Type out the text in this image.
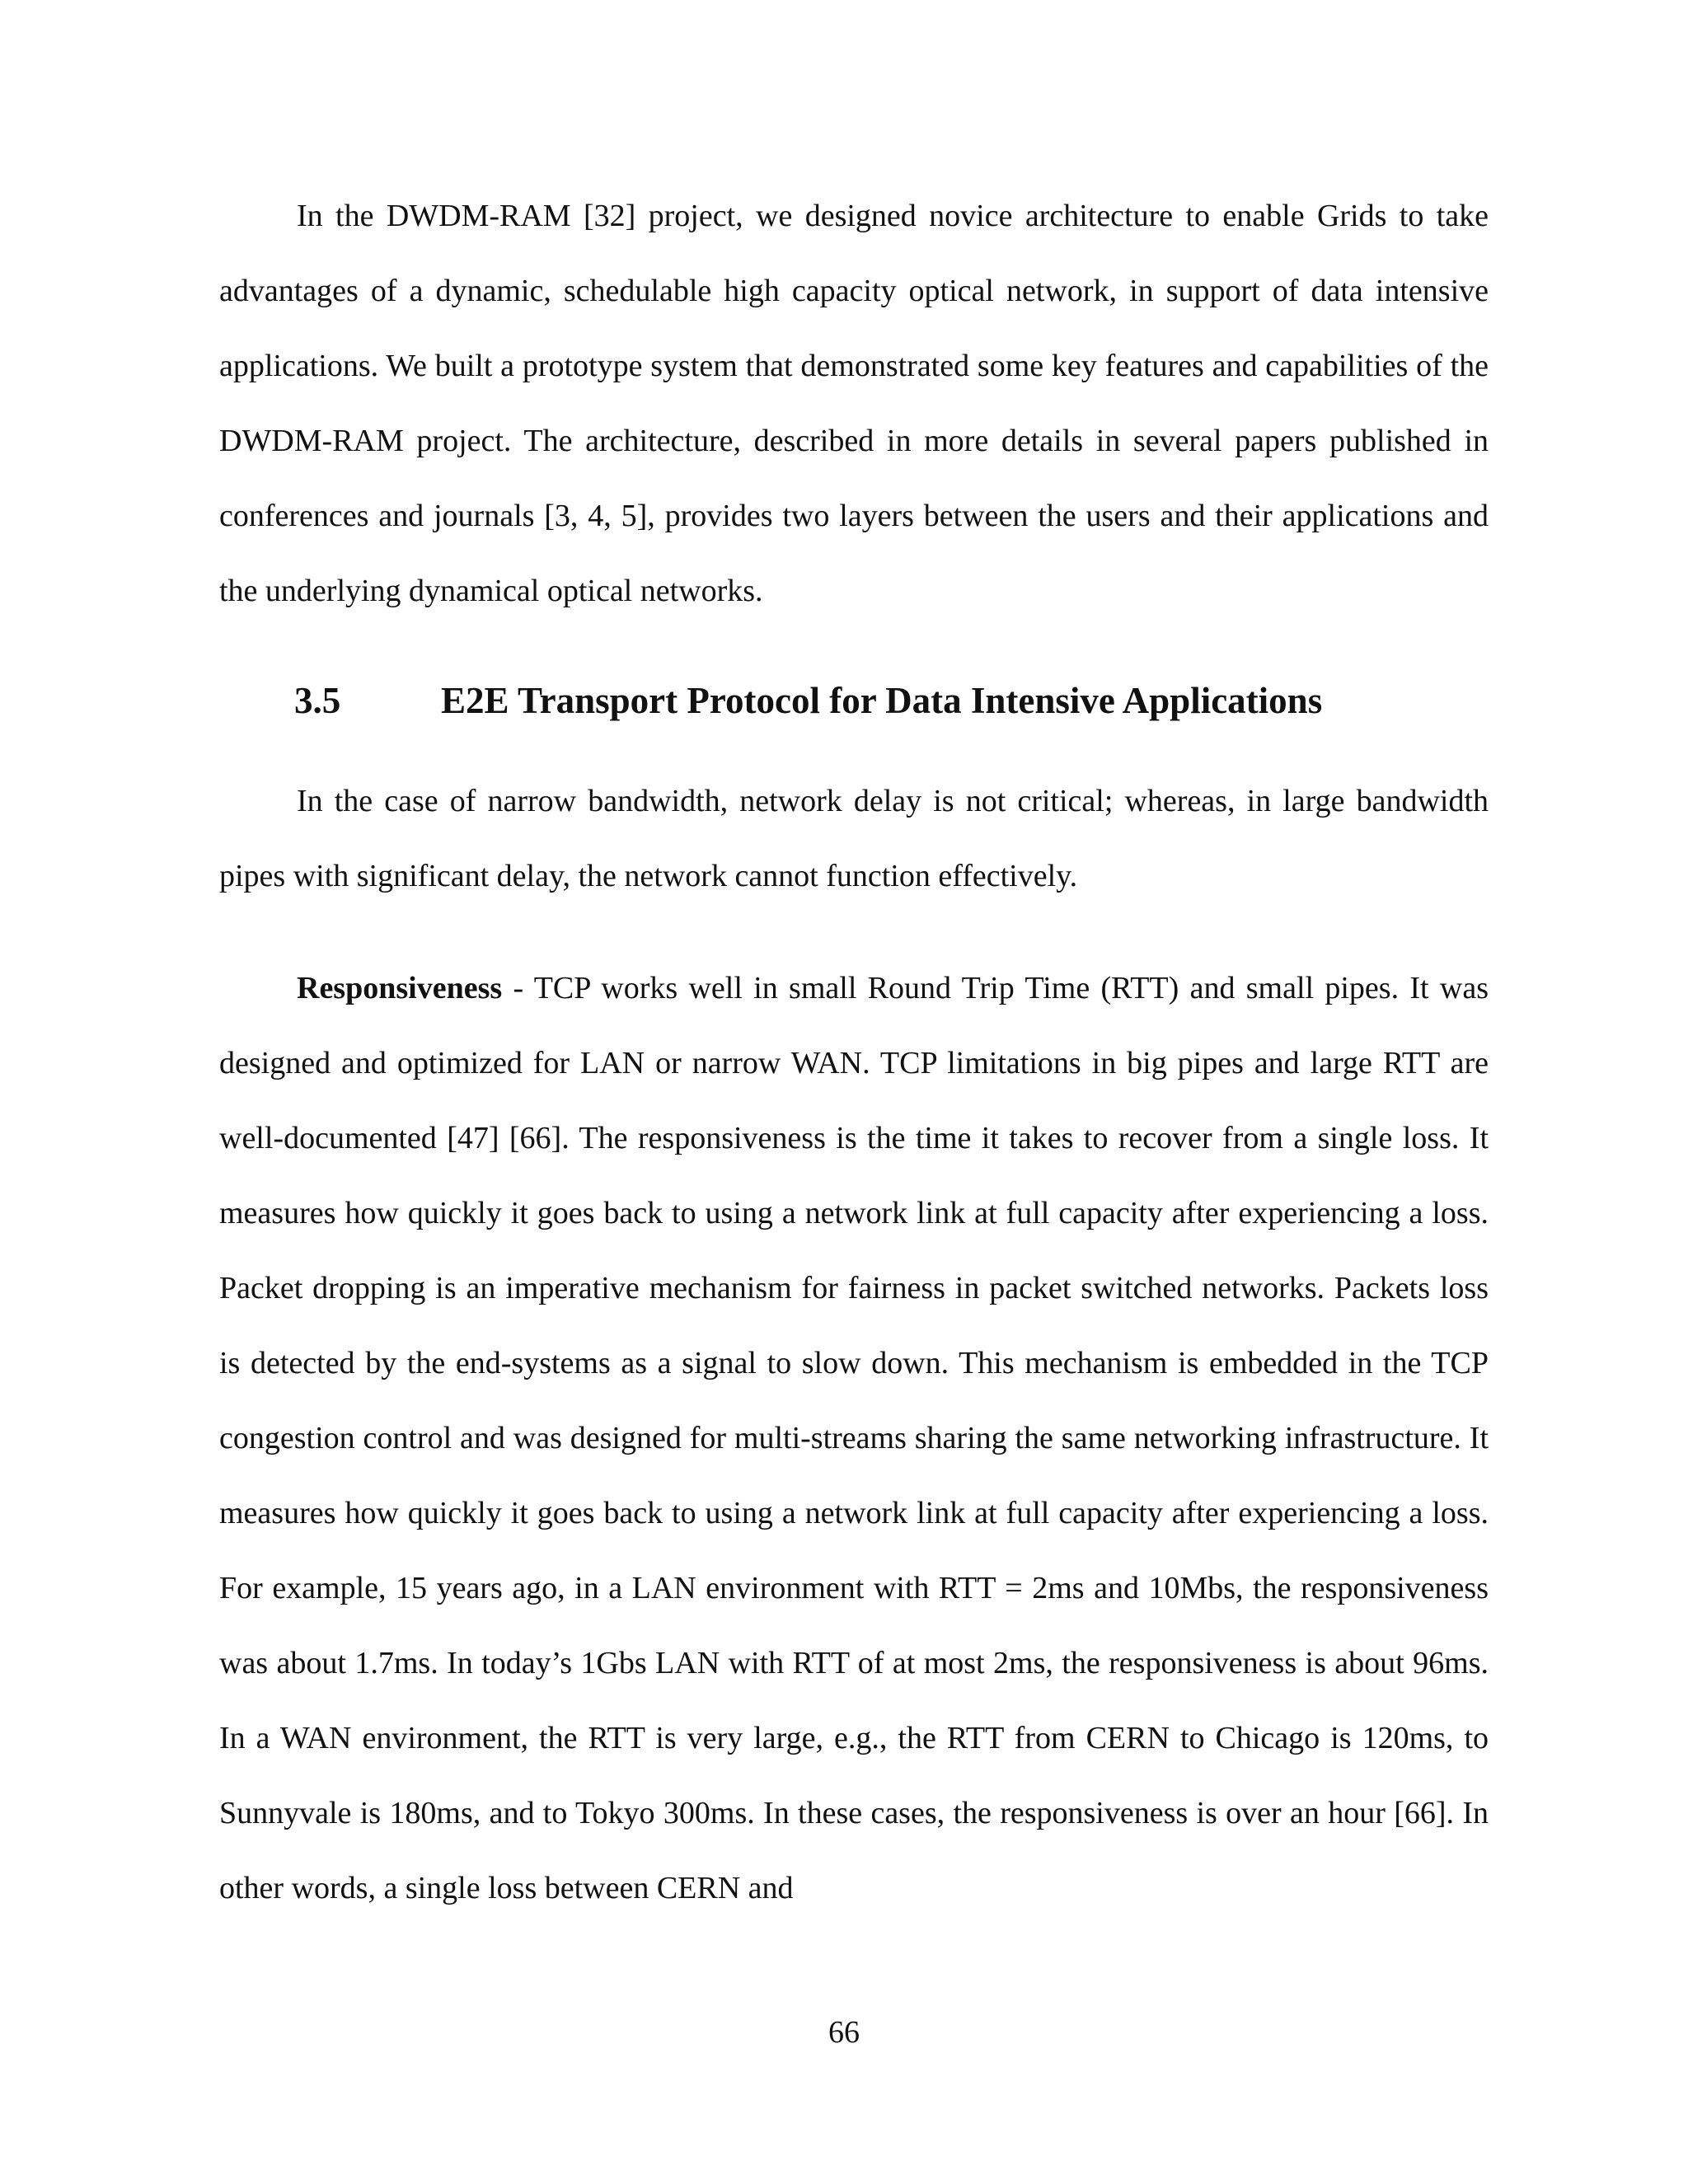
In the DWDM-RAM [32] project, we designed novice architecture to enable Grids to take advantages of a dynamic, schedulable high capacity optical network, in support of data intensive applications. We built a prototype system that demonstrated some key features and capabilities of the DWDM-RAM project. The architecture, described in more details in several papers published in conferences and journals [3, 4, 5], provides two layers between the users and their applications and the underlying dynamical optical networks.

3.5	E2E Transport Protocol for Data Intensive Applications

In the case of narrow bandwidth, network delay is not critical; whereas, in large bandwidth pipes with significant delay, the network cannot function effectively.

Responsiveness - TCP works well in small Round Trip Time (RTT) and small pipes. It was designed and optimized for LAN or narrow WAN. TCP limitations in big pipes and large RTT are well-documented [47] [66]. The responsiveness is the time it takes to recover from a single loss. It measures how quickly it goes back to using a network link at full capacity after experiencing a loss. Packet dropping is an imperative mechanism for fairness in packet switched networks. Packets loss is detected by the end-systems as a signal to slow down. This mechanism is embedded in the TCP congestion control and was designed for multi-streams sharing the same networking infrastructure. It measures how quickly it goes back to using a network link at full capacity after experiencing a loss. For example, 15 years ago, in a LAN environment with RTT = 2ms and 10Mbs, the responsiveness was about 1.7ms. In today’s 1Gbs LAN with RTT of at most 2ms, the responsiveness is about 96ms. In a WAN environment, the RTT is very large, e.g., the RTT from CERN to Chicago is 120ms, to Sunnyvale is 180ms, and to Tokyo 300ms. In these cases, the responsiveness is over an hour [66]. In other words, a single loss between CERN and

66
